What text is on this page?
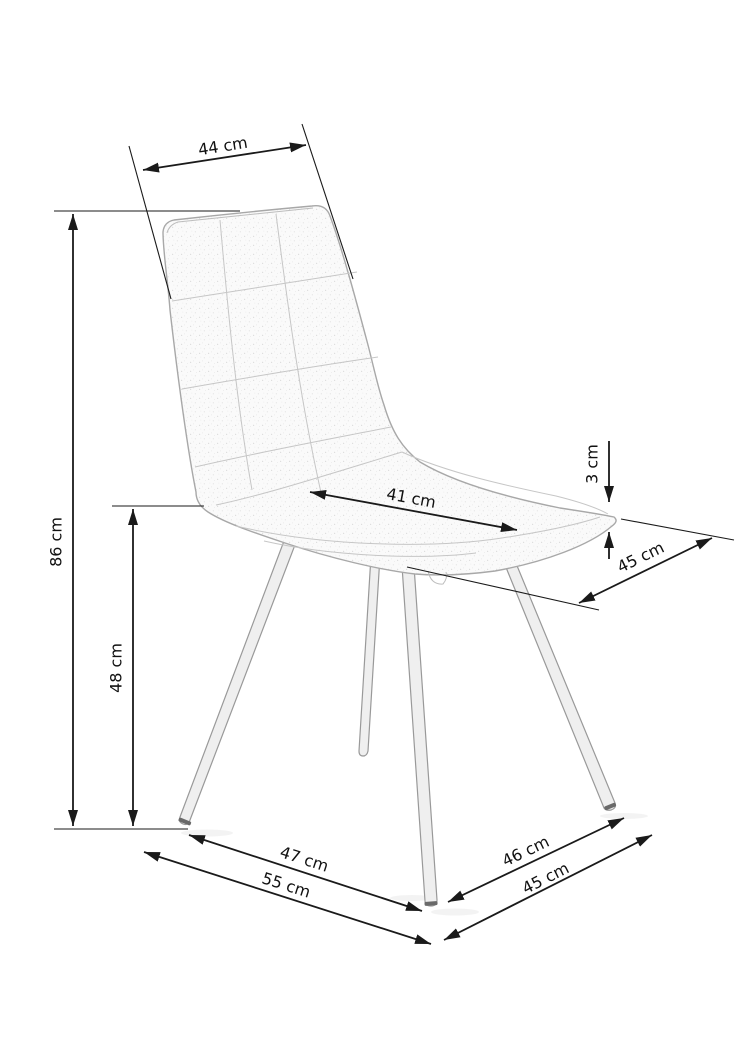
44 cm
86 cm
48 cm
41 cm
3 cm
45 cm
47 cm
55 cm
46 cm
45 cm
